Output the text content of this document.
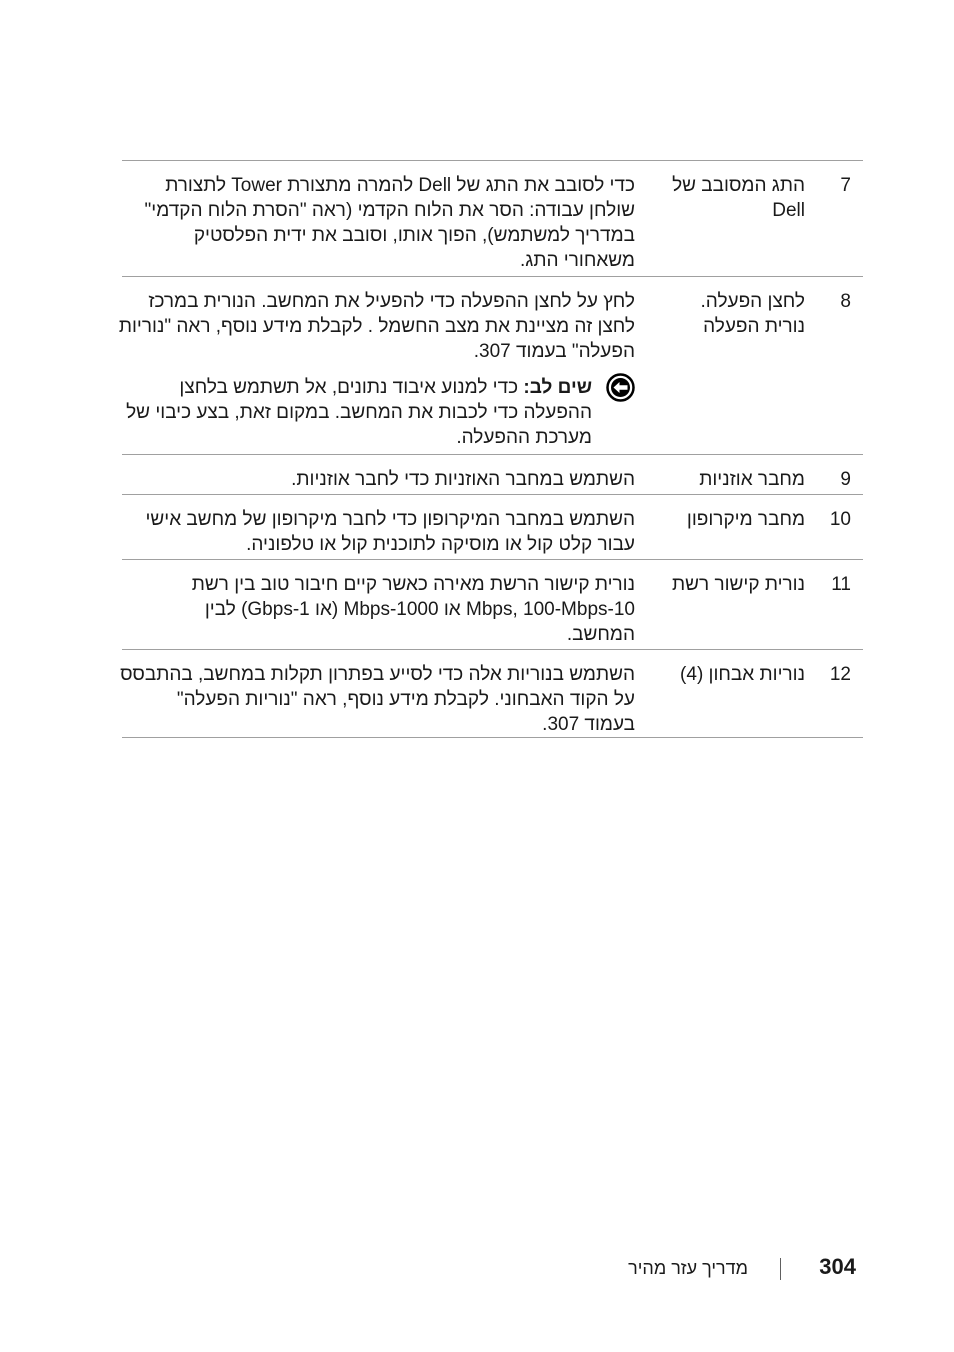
7
התג המסובב של
Dell
כדי לסובב את התג של Dell להמרה מתצורת Tower לתצורת
שולחן עבודה: הסר את הלוח הקדמי (ראה "הסרת הלוח הקדמי"
במדריך למשתמש), הפוך אותו, וסובב את ידית הפלסטיק
משאחורי התג.
8
לחצן הפעלה.
נורית הפעלה
לחץ על לחצן ההפעלה כדי להפעיל את המחשב. הנורית במרכז
לחצן זה מציינת את מצב החשמל . לקבלת מידע נוסף, ראה "נוריות
הפעלה" בעמוד 307.
שים לב: כדי למנוע איבוד נתונים, אל תשתמש בלחצן
ההפעלה כדי לכבות את המחשב. במקום זאת, בצע כיבוי של
מערכת ההפעלה.
9
מחבר אוזניות
השתמש במחבר האוזניות כדי לחבר אוזניות.
10
מחבר מיקרופון
השתמש במחבר המיקרופון כדי לחבר מיקרופון של מחשב אישי
עבור קלט קול או מוסיקה לתוכנית קול או טלפוניה.
11
נורית קישור רשת
נורית קישור הרשת מאירה כאשר קיים חיבור טוב בין רשת
10-Mbps, 100-Mbps או 1000-Mbps (או 1-Gbps) לבין
המחשב.
12
נוריות אבחון (4)
השתמש בנוריות אלה כדי לסייע בפתרון תקלות במחשב, בהתבסס
על הקוד האבחוני. לקבלת מידע נוסף, ראה "נוריות הפעלה"
בעמוד 307.
304
מדריך עזר מהיר
